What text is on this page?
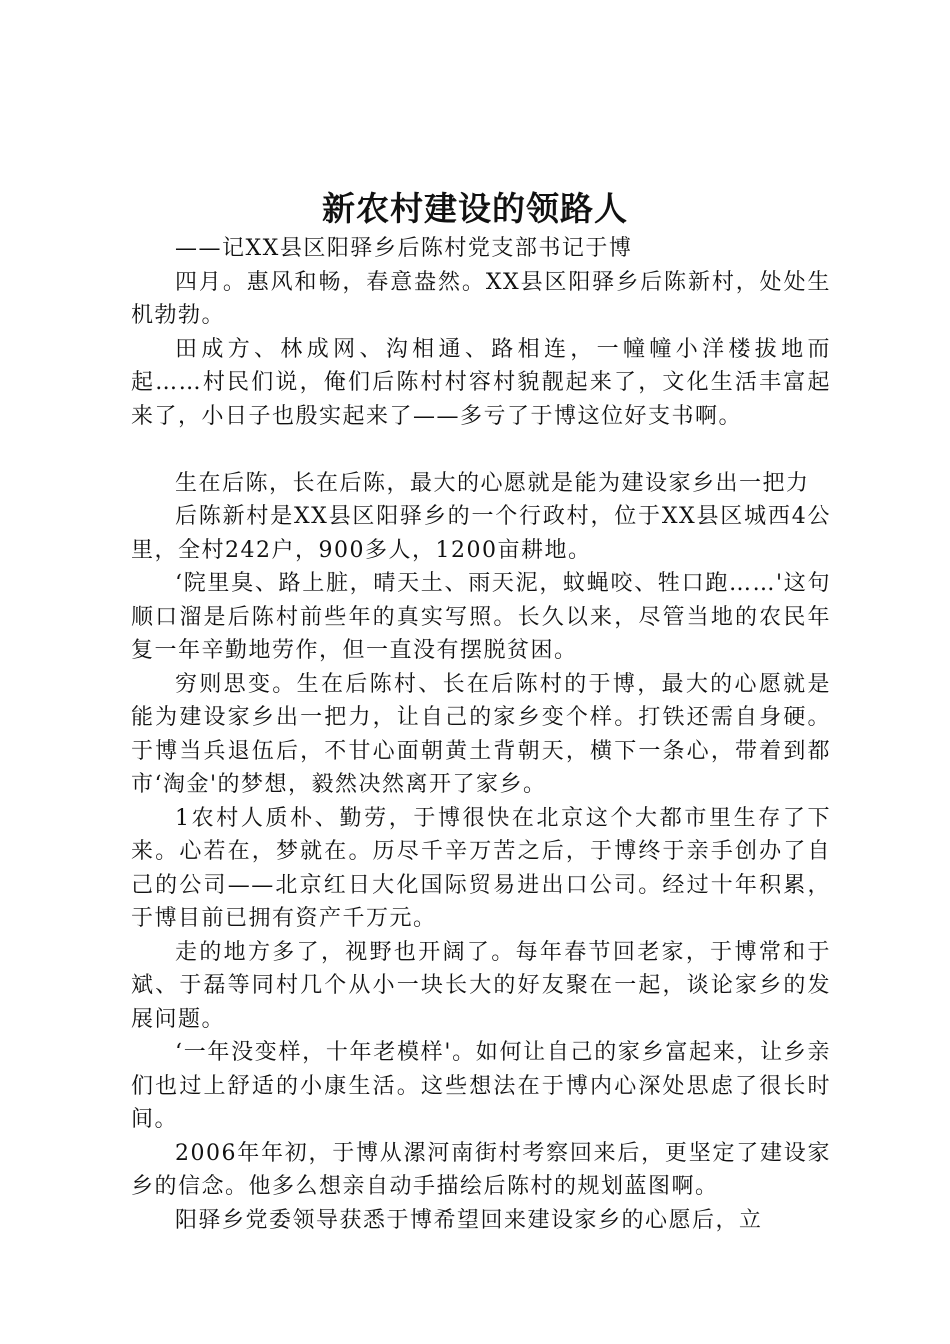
新农村建设的领路人

——记XX县区阳驿乡后陈村党支部书记于博

四月。惠风和畅，春意盎然。XX县区阳驿乡后陈新村，处处生机勃勃。

田成方、林成网、沟相通、路相连，一幢幢小洋楼拔地而起……村民们说，俺们后陈村村容村貌靓起来了，文化生活丰富起来了，小日子也殷实起来了——多亏了于博这位好支书啊。

生在后陈，长在后陈，最大的心愿就是能为建设家乡出一把力

后陈新村是XX县区阳驿乡的一个行政村，位于XX县区城西4公里，全村242户，900多人，1200亩耕地。

‘院里臭、路上脏，晴天土、雨天泥，蚊蝇咬、牲口跑……'这句顺口溜是后陈村前些年的真实写照。长久以来，尽管当地的农民年复一年辛勤地劳作，但一直没有摆脱贫困。

穷则思变。生在后陈村、长在后陈村的于博，最大的心愿就是能为建设家乡出一把力，让自己的家乡变个样。打铁还需自身硬。于博当兵退伍后，不甘心面朝黄土背朝天，横下一条心，带着到都市‘淘金'的梦想，毅然决然离开了家乡。

1农村人质朴、勤劳，于博很快在北京这个大都市里生存了下来。心若在，梦就在。历尽千辛万苦之后，于博终于亲手创办了自己的公司——北京红日大化国际贸易进出口公司。经过十年积累，于博目前已拥有资产千万元。

走的地方多了，视野也开阔了。每年春节回老家，于博常和于斌、于磊等同村几个从小一块长大的好友聚在一起，谈论家乡的发展问题。

‘一年没变样，十年老模样'。如何让自己的家乡富起来，让乡亲们也过上舒适的小康生活。这些想法在于博内心深处思虑了很长时间。

2006年年初，于博从漯河南街村考察回来后，更坚定了建设家乡的信念。他多么想亲自动手描绘后陈村的规划蓝图啊。

阳驿乡党委领导获悉于博希望回来建设家乡的心愿后，立
